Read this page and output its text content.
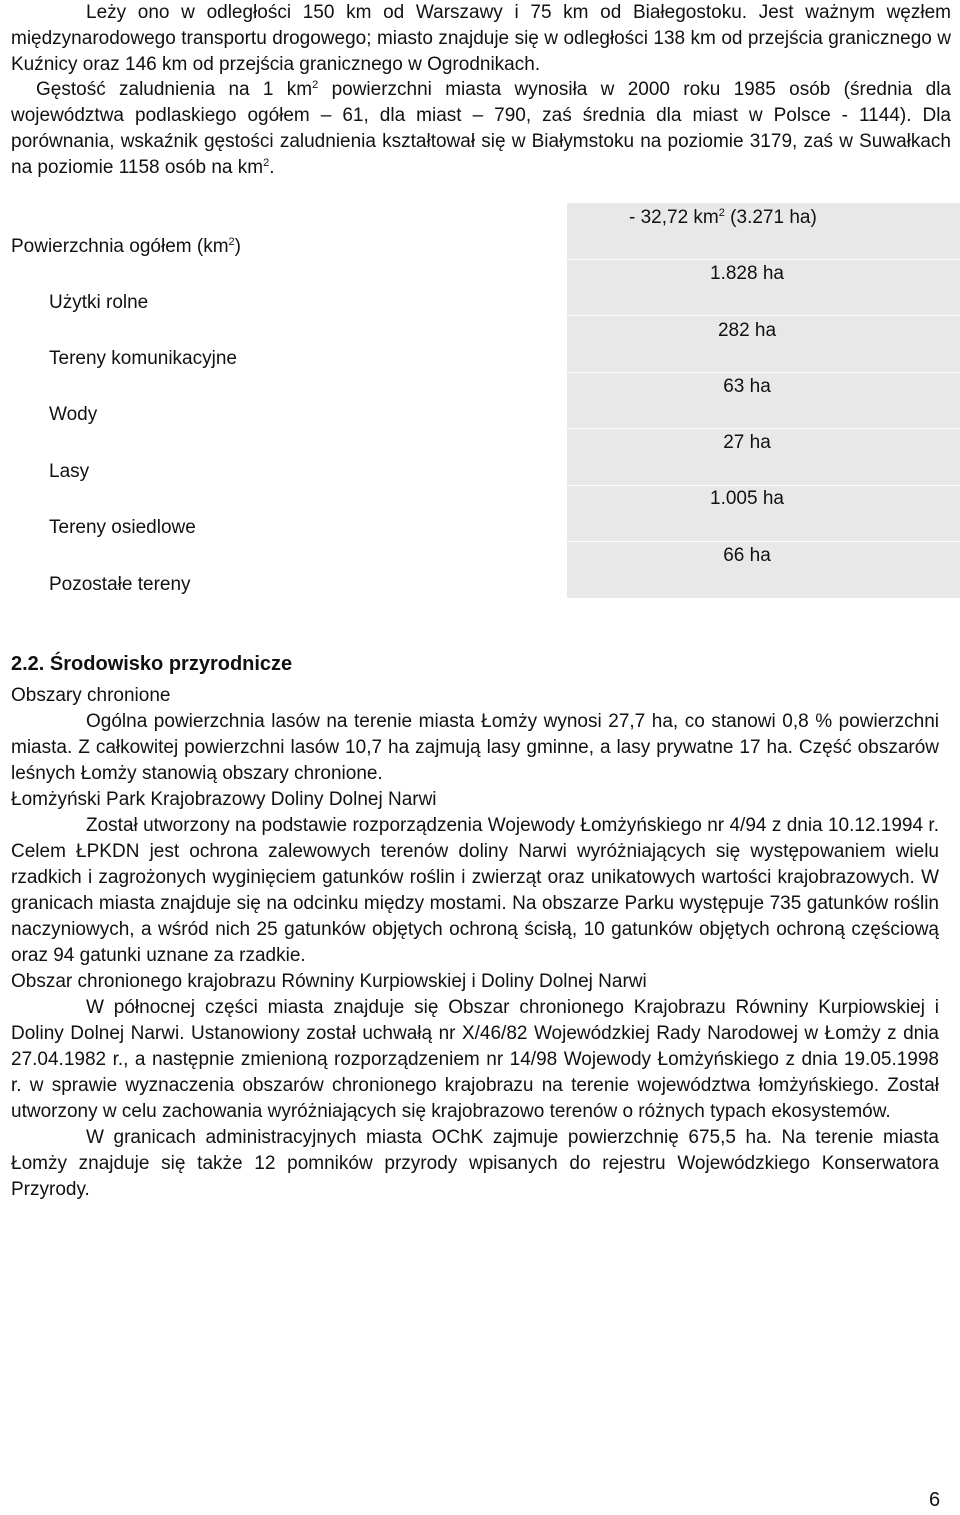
Leży ono w odległości 150 km od Warszawy i 75 km od Białegostoku. Jest ważnym węzłem międzynarodowego transportu drogowego; miasto znajduje się w odległości 138 km od przejścia granicznego w Kuźnicy oraz 146 km od przejścia granicznego w Ogrodnikach.

Gęstość zaludnienia na 1 $km^2$ powierzchni miasta wynosiła w 2000 roku 1985 osób (średnia dla województwa podlaskiego ogółem – 61, dla miast – 790, zaś średnia dla miast w Polsce - 1144). Dla porównania, wskaźnik gęstości zaludnienia kształtował się w Białymstoku na poziomie 3179, zaś w Suwałkach na poziomie 1158 osób na $km^2$.

Powierzchnia ogółem $(km^2)$
- 32,72 $km^2$ (3.271 ha)
Użytki rolne
1.828 ha
Tereny komunikacyjne
282 ha
Wody
63 ha
Lasy
27 ha
Tereny osiedlowe
1.005 ha
Pozostałe tereny
66 ha
2.2. Środowisko przyrodnicze

Obszary chronione

Ogólna powierzchnia lasów na terenie miasta Łomży wynosi 27,7 ha, co stanowi 0,8 % powierzchni miasta. Z całkowitej powierzchni lasów 10,7 ha zajmują lasy gminne, a lasy prywatne 17 ha. Część obszarów leśnych Łomży stanowią obszary chronione.

Łomżyński Park Krajobrazowy Doliny Dolnej Narwi

Został utworzony na podstawie rozporządzenia Wojewody Łomżyńskiego nr 4/94 z dnia 10.12.1994 r. Celem ŁPKDN jest ochrona zalewowych terenów doliny Narwi wyróżniających się występowaniem wielu rzadkich i zagrożonych wyginięciem gatunków roślin i zwierząt oraz unikatowych wartości krajobrazowych. W granicach miasta znajduje się na odcinku między mostami. Na obszarze Parku występuje 735 gatunków roślin naczyniowych, a wśród nich 25 gatunków objętych ochroną ścisłą, 10 gatunków objętych ochroną częściową oraz 94 gatunki uznane za rzadkie.

Obszar chronionego krajobrazu Równiny Kurpiowskiej i Doliny Dolnej Narwi

W północnej części miasta znajduje się Obszar chronionego Krajobrazu Równiny Kurpiowskiej i Doliny Dolnej Narwi. Ustanowiony został uchwałą nr X/46/82 Wojewódzkiej Rady Narodowej w Łomży z dnia 27.04.1982 r., a następnie zmienioną rozporządzeniem nr 14/98 Wojewody Łomżyńskiego z dnia 19.05.1998 r. w sprawie wyznaczenia obszarów chronionego krajobrazu na terenie województwa łomżyńskiego. Został utworzony w celu zachowania wyróżniających się krajobrazowo terenów o różnych typach ekosystemów.

W granicach administracyjnych miasta OChK zajmuje powierzchnię 675,5 ha. Na terenie miasta Łomży znajduje się także 12 pomników przyrody wpisanych do rejestru Wojewódzkiego Konserwatora Przyrody.

6
